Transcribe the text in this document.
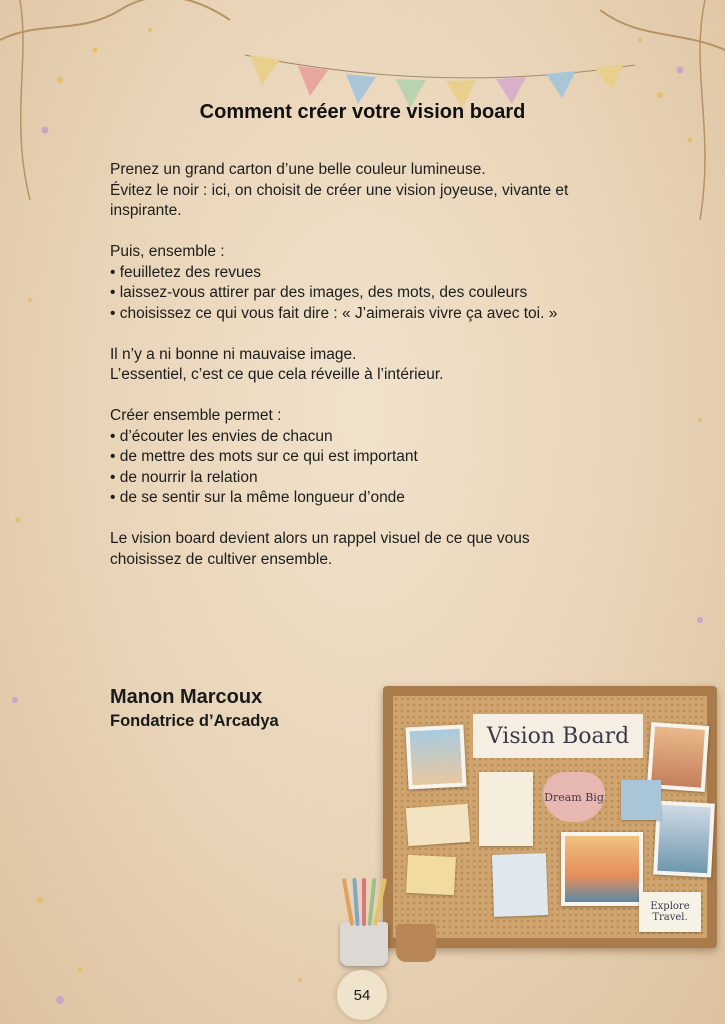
Comment créer votre vision board
Prenez un grand carton d’une belle couleur lumineuse.
Évitez le noir : ici, on choisit de créer une vision joyeuse, vivante et
inspirante.
Puis, ensemble :
• feuilletez des revues
• laissez-vous attirer par des images, des mots, des couleurs
• choisissez ce qui vous fait dire : « J’aimerais vivre ça avec toi. »
Il n’y a ni bonne ni mauvaise image.
L’essentiel, c’est ce que cela réveille à l’intérieur.
Créer ensemble permet :
• d’écouter les envies de chacun
• de mettre des mots sur ce qui est important
• de nourrir la relation
• de se sentir sur la même longueur d’onde
Le vision board devient alors un rappel visuel de ce que vous
choisissez de cultiver ensemble.
Manon Marcoux
Fondatrice d’Arcadya
Vision Board
Dream Big
Explore Travel.
54
